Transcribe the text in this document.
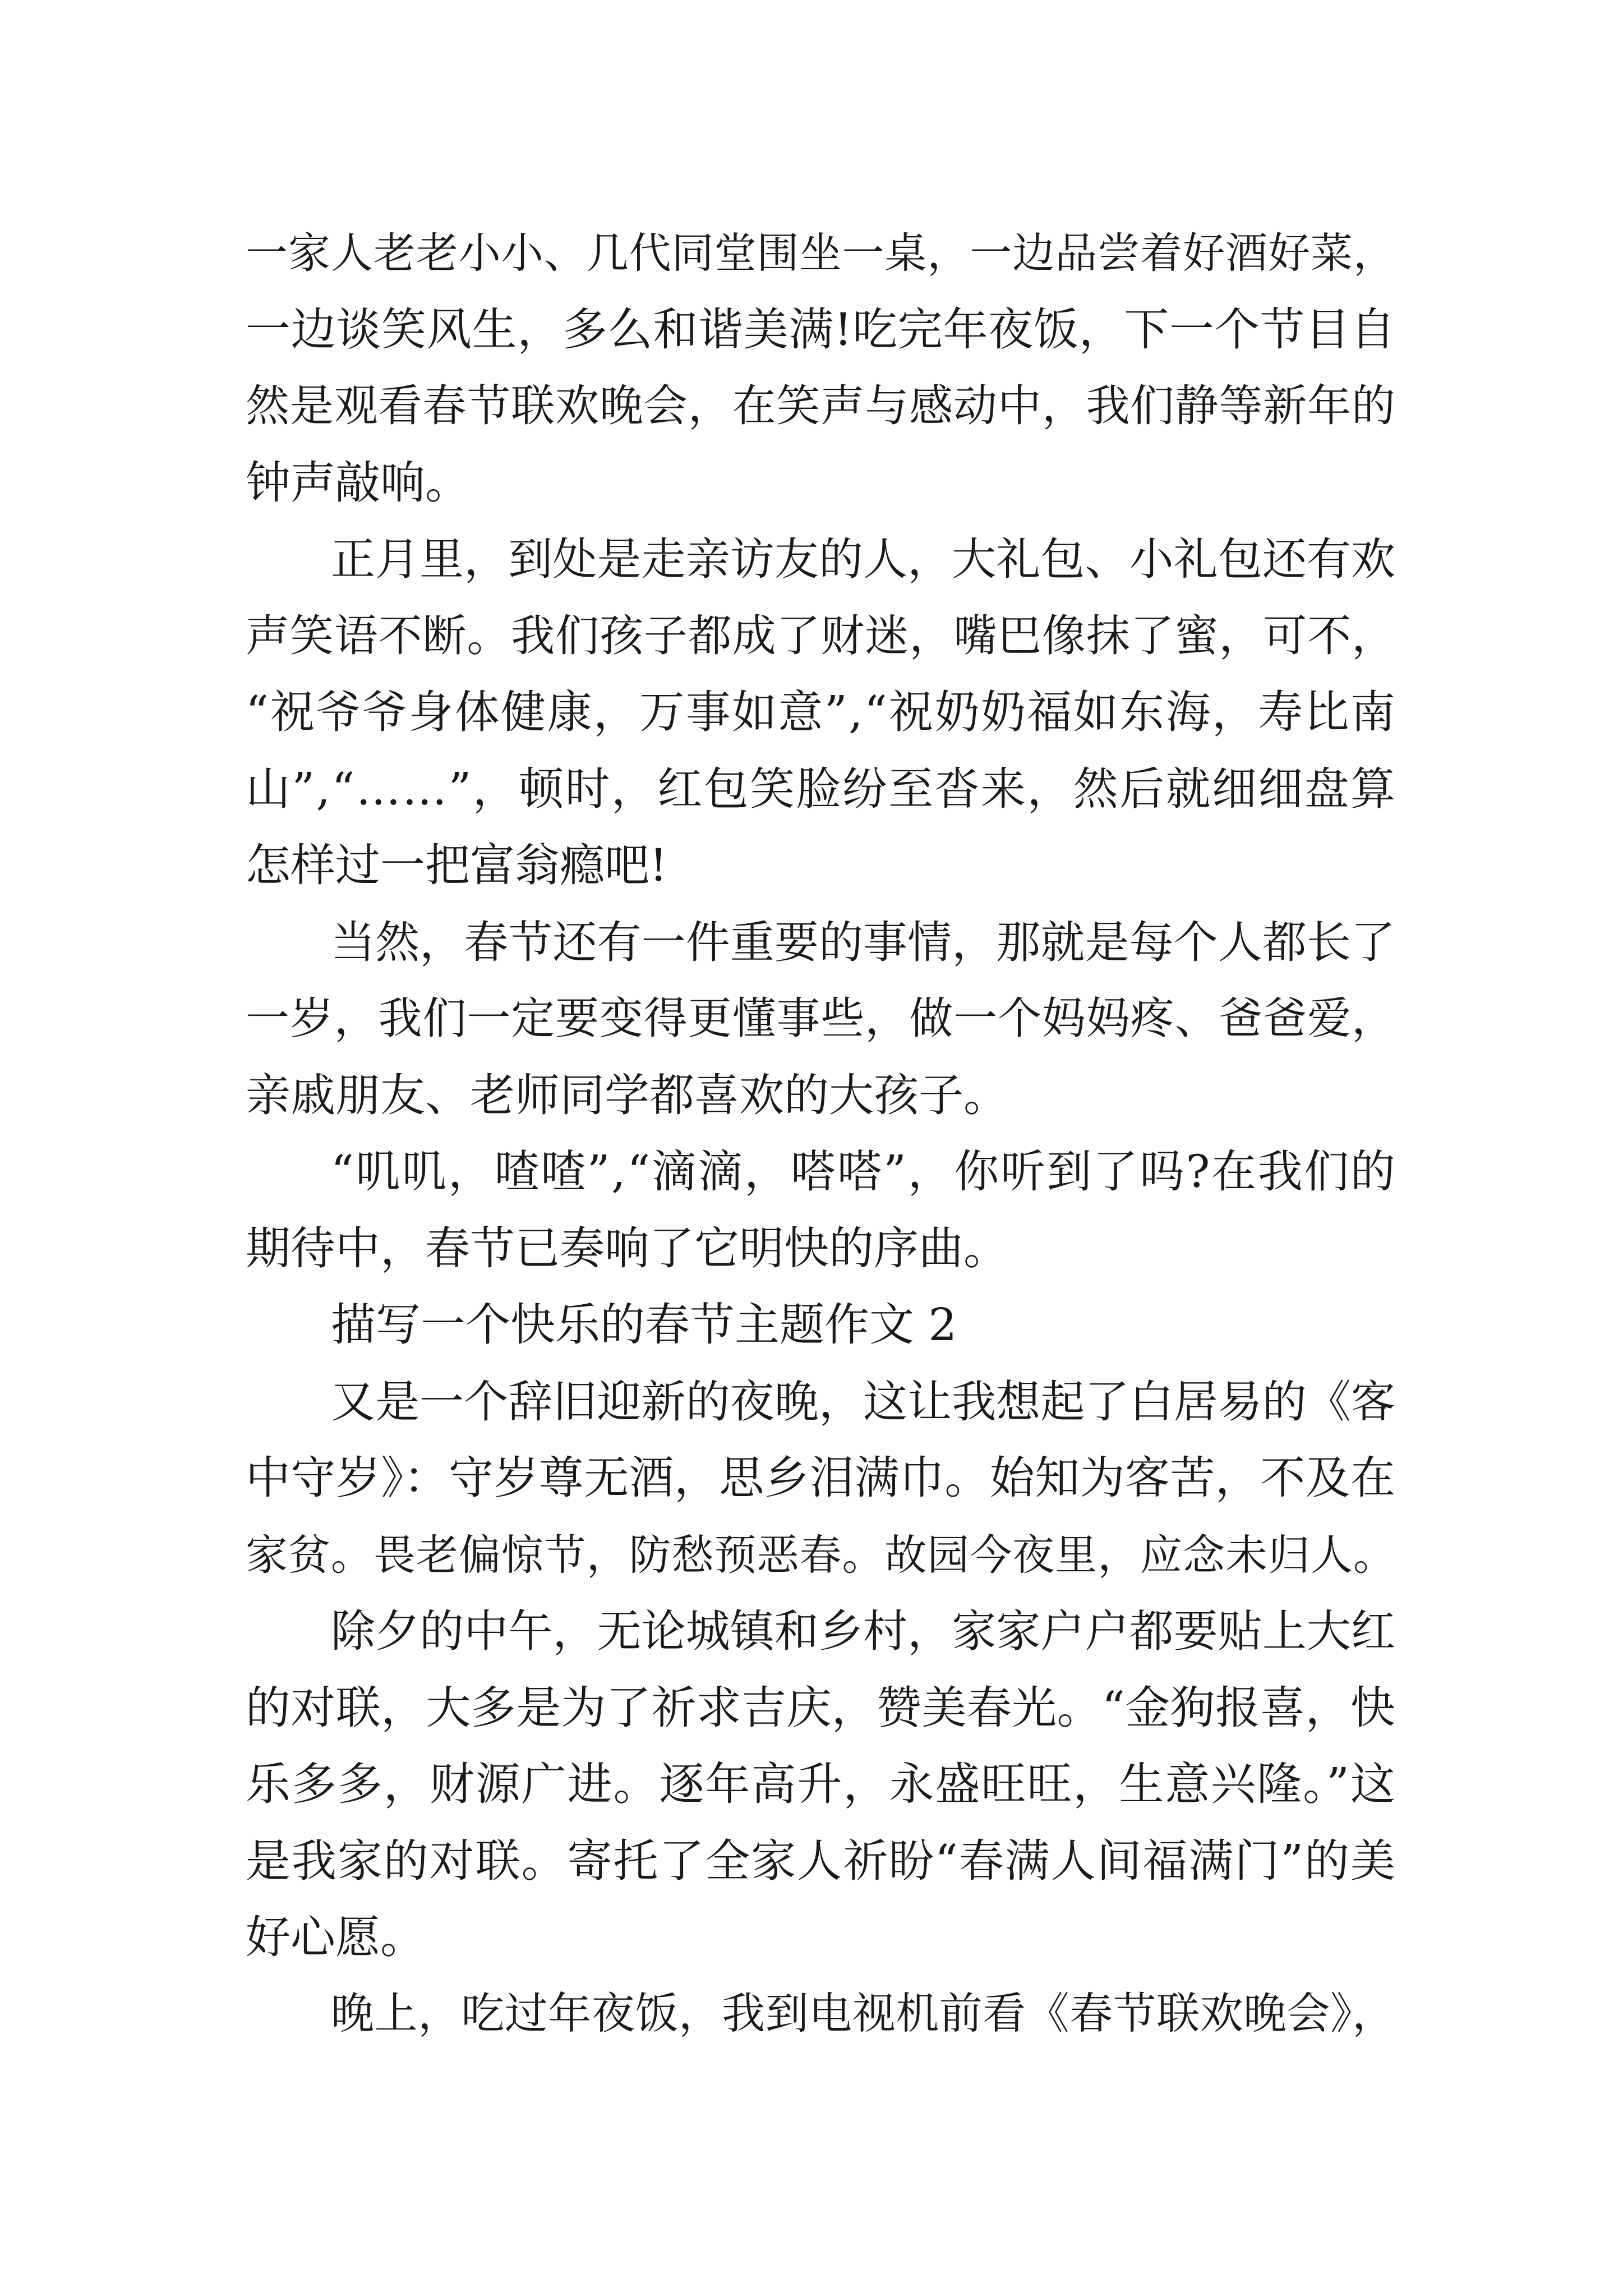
一家人老老小小、几代同堂围坐一桌，一边品尝着好酒好菜，
一边谈笑风生，多么和谐美满!吃完年夜饭，下一个节目自
然是观看春节联欢晚会，在笑声与感动中，我们静等新年的
钟声敲响。
正月里，到处是走亲访友的人，大礼包、小礼包还有欢
声笑语不断。我们孩子都成了财迷，嘴巴像抹了蜜，可不，
“祝爷爷身体健康，万事如意”,“祝奶奶福如东海，寿比南
山”,“……”，顿时，红包笑脸纷至沓来，然后就细细盘算
怎样过一把富翁瘾吧!
当然，春节还有一件重要的事情，那就是每个人都长了
一岁，我们一定要变得更懂事些，做一个妈妈疼、爸爸爱，
亲戚朋友、老师同学都喜欢的大孩子。
“叽叽，喳喳”,“滴滴，嗒嗒”，你听到了吗?在我们的
期待中，春节已奏响了它明快的序曲。
描写一个快乐的春节主题作文 2
又是一个辞旧迎新的夜晚，这让我想起了白居易的《客
中守岁》：守岁尊无酒，思乡泪满巾。始知为客苦，不及在
家贫。畏老偏惊节，防愁预恶春。故园今夜里，应念未归人。
除夕的中午，无论城镇和乡村，家家户户都要贴上大红
的对联，大多是为了祈求吉庆，赞美春光。“金狗报喜，快
乐多多，财源广进。逐年高升，永盛旺旺，生意兴隆。”这
是我家的对联。寄托了全家人祈盼“春满人间福满门”的美
好心愿。
晚上，吃过年夜饭，我到电视机前看《春节联欢晚会》，
